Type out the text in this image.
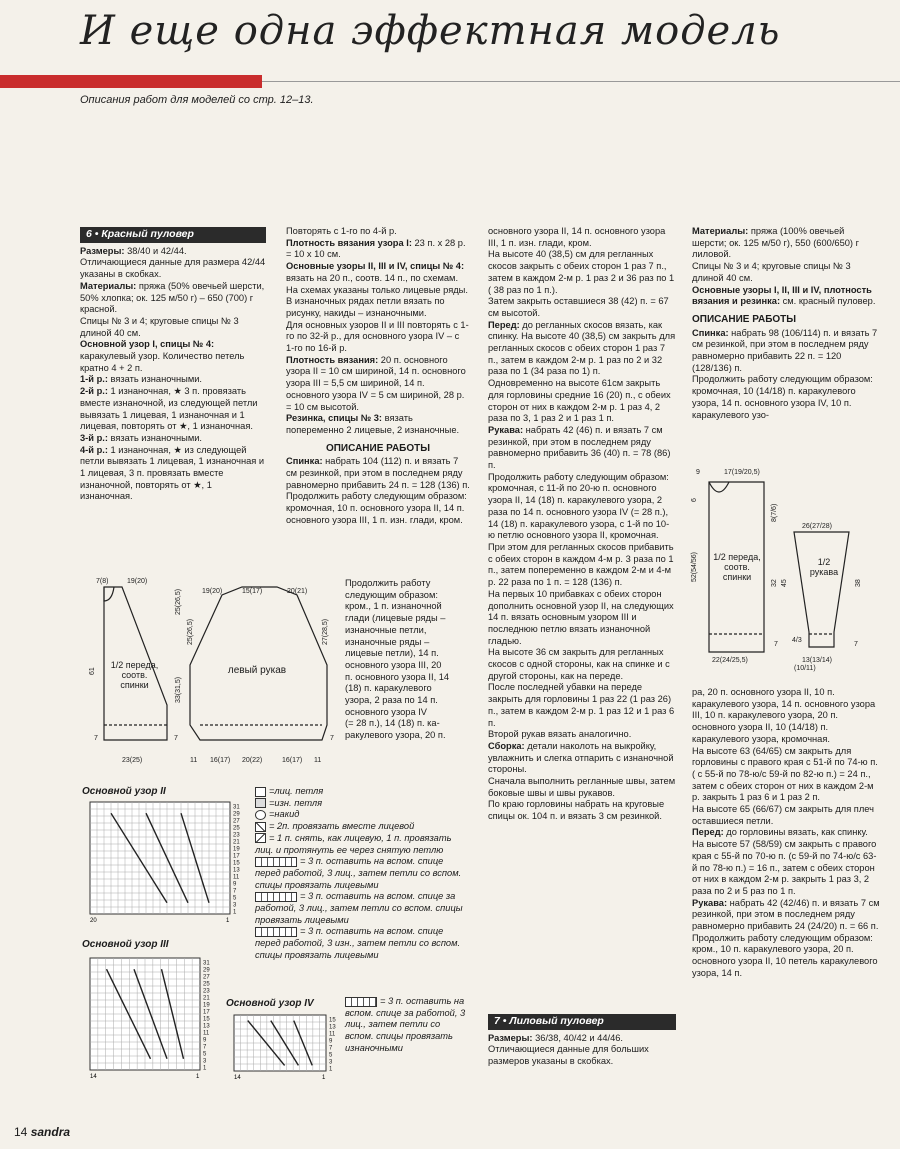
И еще одна эффектная модель
Описания работ для моделей со стр. 12–13.
6 • Красный пуловер

Размеры: 38/40 и 42/44.

Отличающиеся данные для размера 42/44 указаны в скобках.

Материалы: пряжа (50% овечьей шерсти, 50% хлопка; ок. 125 м/50 г) – 650 (700) г красной.

Спицы № 3 и 4; круговые спицы № 3 длиной 40 см.

Основной узор I, спицы № 4: каракулевый узор. Количество петель кратно 4 + 2 п.

1-й р.: вязать изнаночными.

2-й р.: 1 изнаночная, ★ 3 п. провязать вместе изнаночной, из следующей петли вывязать 1 лицевая, 1 изнаночная и 1 лицевая, повторять от ★, 1 изнаночная.

3-й р.: вязать изнаночными.

4-й р.: 1 изнаночная, ★ из следующей петли вывязать 1 лицевая, 1 изнаночная и 1 лицевая, 3 п. провязать вместе изнаночной, повторять от ★, 1 изнаночная.

Повторять с 1-го по 4-й р.

Плотность вязания узора I: 23 п. х 28 р. = 10 х 10 см.

Основные узоры II, III и IV, спицы № 4: вязать на 20 п., соотв. 14 п., по схемам. На схемах указаны только лицевые ряды.

В изнаночных рядах петли вязать по рисунку, накиды – изнаночными.

Для основных узоров II и III повторять с 1-го по 32-й р., для основного узора IV – с 1-го по 16-й р.

Плотность вязания: 20 п. основного узора II = 10 см шириной, 14 п. основного узора III = 5,5 см шириной, 14 п. основного узора IV = 5 см шириной, 28 р. = 10 см высотой.

Резинка, спицы № 3: вязать попеременно 2 лицевые, 2 изнаночные.

ОПИСАНИЕ РАБОТЫ

Спинка: набрать 104 (112) п. и вязать 7 см резинкой, при этом в последнем ряду равномерно прибавить 24 п. = 128 (136) п.

Продолжить работу следующим образом: кромочная, 10 п. основного узора II, 14 п. основного узора III, 1 п. изн. глади, крoм.

Продолжить работу

следующим образом:

кром., 1 п. изнаночной

глади (лицевые ряды –

изнаночные петли,

изнаночные ряды –

лицевые петли), 14 п.

основного узора III, 20

п. основного узора II, 14

(18) п. каракулевого

узора, 2 раза по 14 п.

основного узора IV

(= 28 п.), 14 (18) п. ка-

ракулевого узора, 20 п.

основного узора II, 14 п. основного узора III, 1 п. изн. глади, кром.

На высоте 40 (38,5) см для регланных скосов закрыть с обеих сторон 1 раз 7 п., затем в каждом 2-м р. 1 раз 2 и 36 раз по 1 ( 38 раз по 1 п.).

Затем закрыть оставшиеся 38 (42) п. = 67 см высотой.

Перед: до регланных скосов вязать, как спинку. На высоте 40 (38,5) см закрыть для регланных скосов с обеих сторон 1 раз 7 п., затем в каждом 2-м р. 1 раз по 2 и 32 раза по 1 (34 раза по 1) п.

Одновременно на высоте 61см закрыть для горловины средние 16 (20) п., с обеих сторон от них в каждом 2-м р. 1 раз 4, 2 раза по 3, 1 раз 2 и 1 раз 1 п.

Рукава: набрать 42 (46) п. и вязать 7 см резинкой, при этом в последнем ряду равномерно прибавить 36 (40) п. = 78 (86) п.

Продолжить работу следующим образом: кромочная, с 11-й по 20-ю п. основного узора II, 14 (18) п. каракулевого узора, 2 раза по 14 п. основного узора IV (= 28 п.), 14 (18) п. каракулевого узора, с 1-й по 10-ю петлю основного узора II, кромочная.

При этом для регланных скосов прибавить с обеих сторон в каждом 4-м р. 3 раза по 1 п., затем попеременно в каждом 2-м и 4-м р. 22 раза по 1 п. = 128 (136) п.

На первых 10 прибавках с обеих сторон дополнить основной узор II, на следующих 14 п. вязать основным узором III и последнюю петлю вязать изнаночной гладью.

На высоте 36 см закрыть для регланных скосов с одной стороны, как на спинке и с другой стороны, как на переде.

После последней убавки на переде закрыть для горловины 1 раз 22 (1 раз 26) п., затем в каждом 2-м р. 1 раз 12 и 1 раз 6 п.

Второй рукав вязать аналогично.

Сборка: детали наколоть на выкройку, увлажнить и слегка отпарить с изнаночной стороны.

Сначала выполнить регланные швы, затем боковые швы и швы рукавов.

По краю горловины набрать на круговые спицы ок. 104 п. и вязать 3 см резинкой.

7 • Лиловый пуловер

Размеры: 36/38, 40/42 и 44/46.

Отличающиеся данные для больших размеров указаны в скобках.

Материалы: пряжа (100% овечьей шерсти; ок. 125 м/50 г), 550 (600/650) г лиловой.

Спицы № 3 и 4; круговые спицы № 3 длиной 40 см.

Основные узоры I, II, III и IV, плотность вязания и резинка: см. красный пуловер.

ОПИСАНИЕ РАБОТЫ

Спинка: набрать 98 (106/114) п. и вязать 7 см резинкой, при этом в последнем ряду равномерно прибавить 22 п. = 120 (128/136) п.

Продолжить работу следующим образом: кромочная, 10 (14/18) п. каракулевого узора, 14 п. основного узора IV, 10 п. каракулевого узо-

ра, 20 п. основного узора II, 10 п. каракулевого узора, 14 п. основного узора III, 10 п. каракулевого узора, 20 п. основного узора II, 10 (14/18) п. каракулевого узора, кромочная.

На высоте 63 (64/65) см закрыть для горловины с правого края с 51-й по 74-ю п. ( с 55-й по 78-ю/с 59-й по 82-ю п.) = 24 п., затем с обеих сторон от них в каждом 2-м р. закрыть 1 раз 6 и 1 раз 2 п.

На высоте 65 (66/67) см закрыть для плеч оставшиеся петли.

Перед: до горловины вязать, как спинку.

На высоте 57 (58/59) см закрыть с правого края с 55-й по 70-ю п. (с 59-й по 74-ю/с 63-й по 78-ю п.) = 16 п., затем с обеих сторон от них в каждом 2-м р. закрыть 1 раз 3, 2 раза по 2 и 5 раз по 1 п.

Рукава: набрать 42 (42/46) п. и вязать 7 см резинкой, при этом в последнем ряду равномерно прибавить 24 (24/20) п. = 66 п.

Продолжить работу следующим образом: кром., 10 п. каракулевого узора, 20 п. основного узора II, 10 петель каракулевого узора, 14 п.

7(8)	19(20)
19(20)	15(17)	20(21)
23(25)
25(26,5)
25(26,5)	27(28,5)
61
33(31,5)
7	7	7
11 16(17) 20(22)	16(17) 11
1/2 переда, соотв. спинки
левый рукав
9	17(19/20,5)
6
26(27/28)
8(7/6)
52(54/56)
45
32	38
7	7
22(24/25,5)
4/3
13(13/14)
(10/11)
1/2 переда, соотв. спинки
1/2 рукава
Основной узор II
31
29
27
25
23
21
19
17
15
13
11
9
7
5
3
1
20	1
Основной узор III
31
29
27
25
23
21
19
17
15
13
11
9
7
5
3
1
14	1
Основной узор IV
15
13
11
9
7
5
3
1
14	1

=лиц. петля

=изн. петля

=накид

= 2п. провязать вместе лицевой

= 1 п. снять, как лицевую, 1 п. провязать лиц. и протянуть ее через снятую петлю

= 3 п. оставить на вспом. спице перед работой, 3 лиц., затем петли со вспом. спицы провязать лицевыми

= 3 п. оставить на вспом. спице за работой, 3 лиц., затем петли со вспом. спицы провязать лицевыми

= 3 п. оставить на вспом. спице перед работой, 3 изн., затем петли со вспом. спицы провязать лицевыми

= 3 п. оставить на вспом. спице за работой, 3 лиц., затем петли со вспом. спицы провязать изнаночными

14 sandra
